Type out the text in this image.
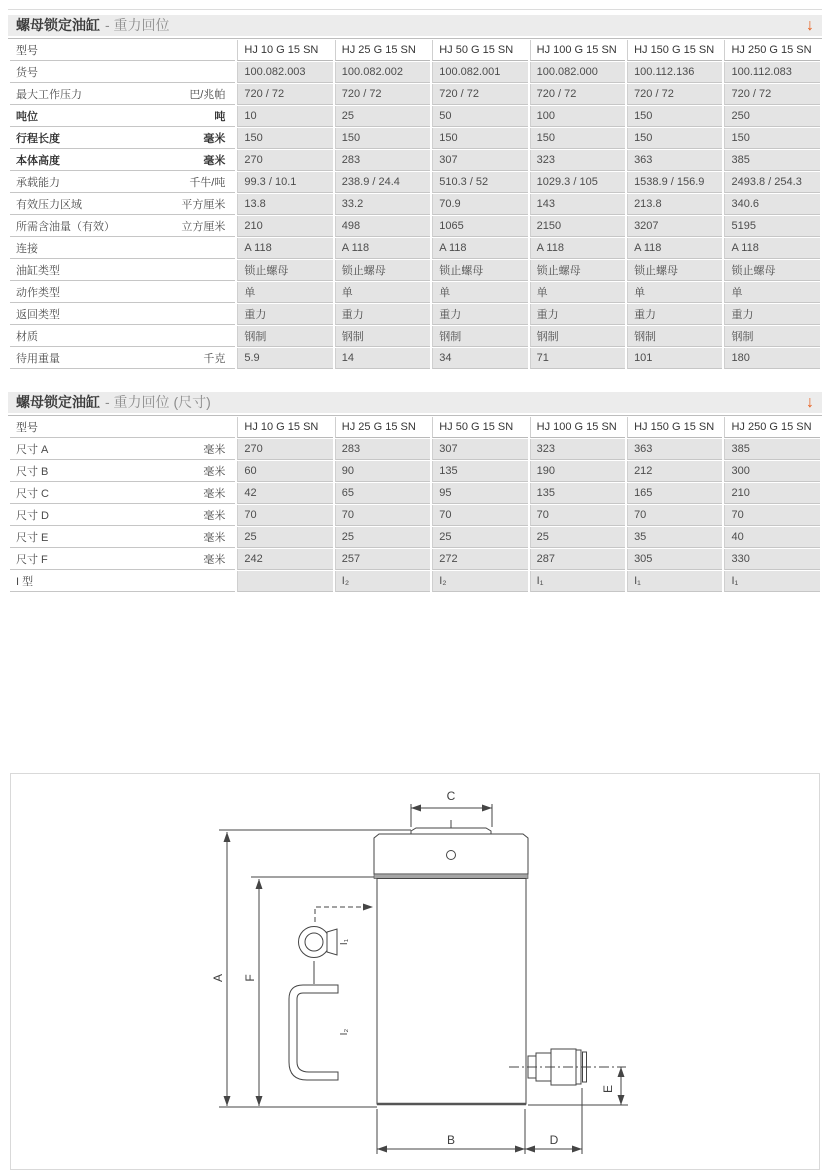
螺母锁定油缸 - 重力回位	↓
型号	HJ 10 G 15 SN	HJ 25 G 15 SN	HJ 50 G 15 SN	HJ 100 G 15 SN	HJ 150 G 15 SN	HJ 250 G 15 SN

货号	100.082.003	100.082.002	100.082.001	100.082.000	100.112.136	100.112.083

最大工作压力 巴/兆帕	720 / 72	720 / 72	720 / 72	720 / 72	720 / 72	720 / 72

吨位 吨	10	25	50	100	150	250

行程长度 毫米	150	150	150	150	150	150

本体高度 毫米	270	283	307	323	363	385

承载能力 千牛/吨	99.3 / 10.1	238.9 / 24.4	510.3 / 52	1029.3 / 105	1538.9 / 156.9	2493.8 / 254.3

有效压力区域 平方厘米	13.8	33.2	70.9	143	213.8	340.6

所需含油量（有效） 立方厘米	210	498	1065	2150	3207	5195

连接	A 118	A 118	A 118	A 118	A 118	A 118

油缸类型	锁止螺母	锁止螺母	锁止螺母	锁止螺母	锁止螺母	锁止螺母

动作类型	单	单	单	单	单	单

返回类型	重力	重力	重力	重力	重力	重力

材质	钢制	钢制	钢制	钢制	钢制	钢制

待用重量 千克	5.9	14	34	71	101	180
螺母锁定油缸 - 重力回位 (尺寸)	↓
型号	HJ 10 G 15 SN	HJ 25 G 15 SN	HJ 50 G 15 SN	HJ 100 G 15 SN	HJ 150 G 15 SN	HJ 250 G 15 SN

尺寸 A 毫米	270	283	307	323	363	385

尺寸 B 毫米	60	90	135	190	212	300

尺寸 C 毫米	42	65	95	135	165	210

尺寸 D 毫米	70	70	70	70	70	70

尺寸 E 毫米	25	25	25	25	35	40

尺寸 F 毫米	242	257	272	287	305	330

I 型		I₂	I₂	I₁	I₁	I₁
A F
C
I₁
I₂
E
B	D
